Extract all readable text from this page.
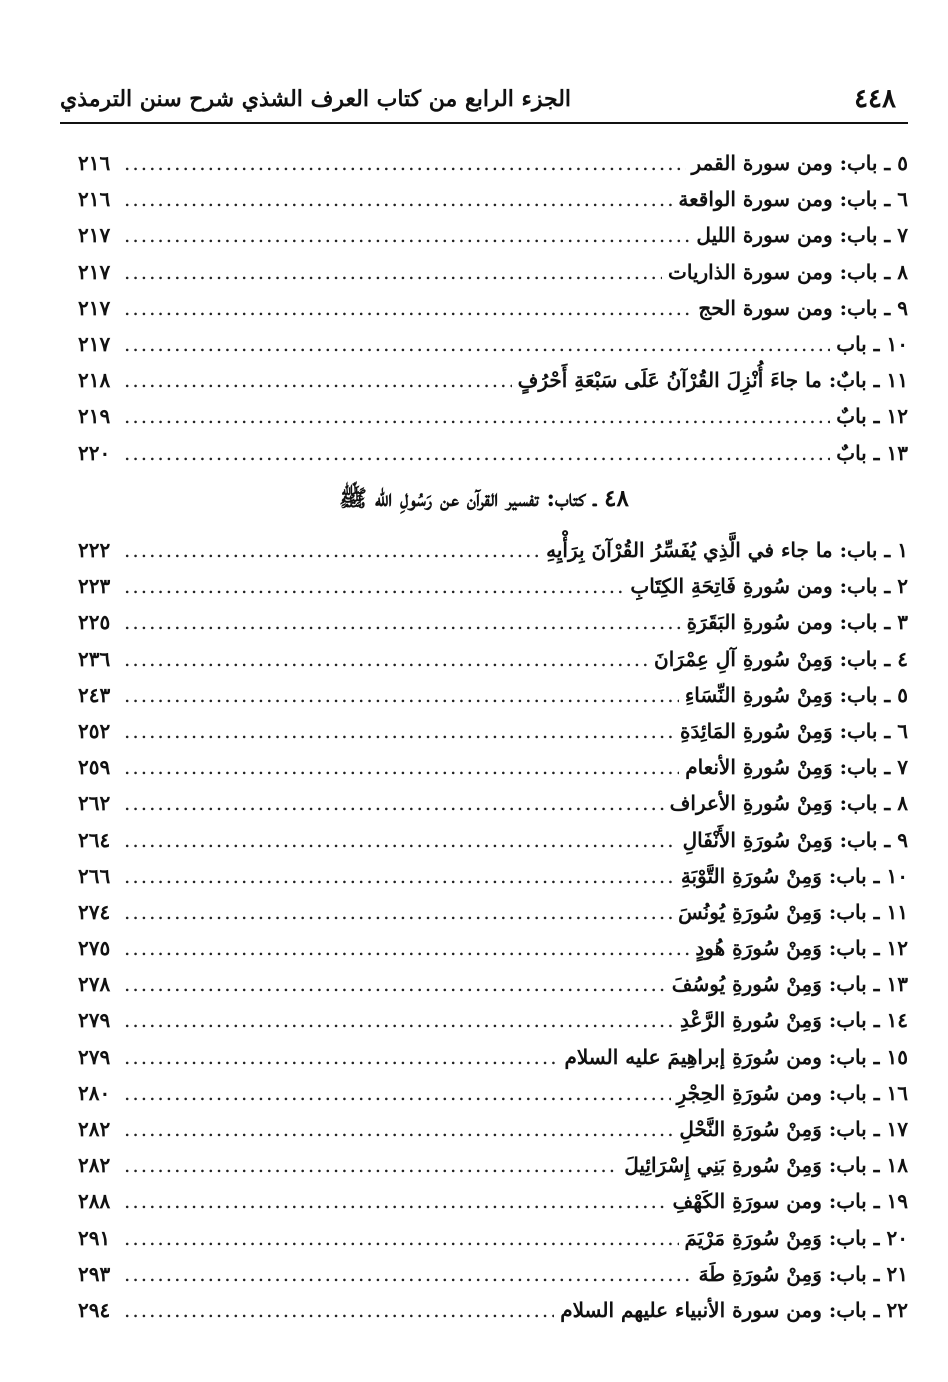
٤٤٨
الجزء الرابع من كتاب العرف الشذي شرح سنن الترمذي
٥ ـ باب: ومن سورة القمر
.....
٢١٦
٦ ـ باب: ومن سورة الواقعة
.....
٢١٦
٧ ـ باب: ومن سورة الليل
.....
٢١٧
٨ ـ باب: ومن سورة الذاريات
.....
٢١٧
٩ ـ باب: ومن سورة الحج
.....
٢١٧
١٠ ـ باب
.....
٢١٧
١١ ـ بابٌ: ما جاءَ أُنْزِلَ القُرْآنُ عَلَى سَبْعَةِ أَحْرُفٍ
.....
٢١٨
١٢ ـ بابٌ
.....
٢١٩
١٣ ـ بابٌ
.....
٢٢٠
٤٨ ـ كتاب: تفسير القرآن عن رَسُولِ الله ﷺ
١ ـ باب: ما جاء في الَّذِي يُفَسِّرُ القُرْآنَ بِرَأْيِهِ
.....
٢٢٢
٢ ـ باب: ومن سُورةِ فَاتِحَةِ الكِتَابِ
.....
٢٢٣
٣ ـ باب: ومن سُورةِ البَقَرَةِ
.....
٢٢٥
٤ ـ باب: وَمِنْ سُورةِ آلِ عِمْرَانَ
.....
٢٣٦
٥ ـ باب: وَمِنْ سُورةِ النِّسَاءِ
.....
٢٤٣
٦ ـ باب: وَمِنْ سُورةِ المَائِدَةِ
.....
٢٥٢
٧ ـ باب: وَمِنْ سُورةِ الأنعام
.....
٢٥٩
٨ ـ باب: وَمِنْ سُورةِ الأعراف
.....
٢٦٢
٩ ـ باب: وَمِنْ سُورَةِ الأَنْفَالِ
.....
٢٦٤
١٠ ـ باب: وَمِنْ سُورَةِ التَّوْبَةِ
.....
٢٦٦
١١ ـ باب: وَمِنْ سُورَةِ يُونُسَ
.....
٢٧٤
١٢ ـ باب: وَمِنْ سُورَةِ هُودٍ
.....
٢٧٥
١٣ ـ باب: وَمِنْ سُورةِ يُوسُفَ
.....
٢٧٨
١٤ ـ باب: وَمِنْ سُورةِ الرَّعْدِ
.....
٢٧٩
١٥ ـ باب: ومن سُورَةِ إبراهِيمَ عليه السلام
.....
٢٧٩
١٦ ـ باب: ومن سُورَةِ الحِجْرِ
.....
٢٨٠
١٧ ـ باب: وَمِنْ سُورَةِ النَّحْلِ
.....
٢٨٢
١٨ ـ باب: وَمِنْ سُورةِ بَنِي إِسْرَائِيلَ
.....
٢٨٢
١٩ ـ باب: ومن سورَةِ الكَهْفِ
.....
٢٨٨
٢٠ ـ باب: وَمِنْ سُورَةِ مَرْيَمَ
.....
٢٩١
٢١ ـ باب: وَمِنْ سُورَةِ طَهَ
.....
٢٩٣
٢٢ ـ باب: ومن سورة الأنبياء عليهم السلام
.....
٢٩٤
